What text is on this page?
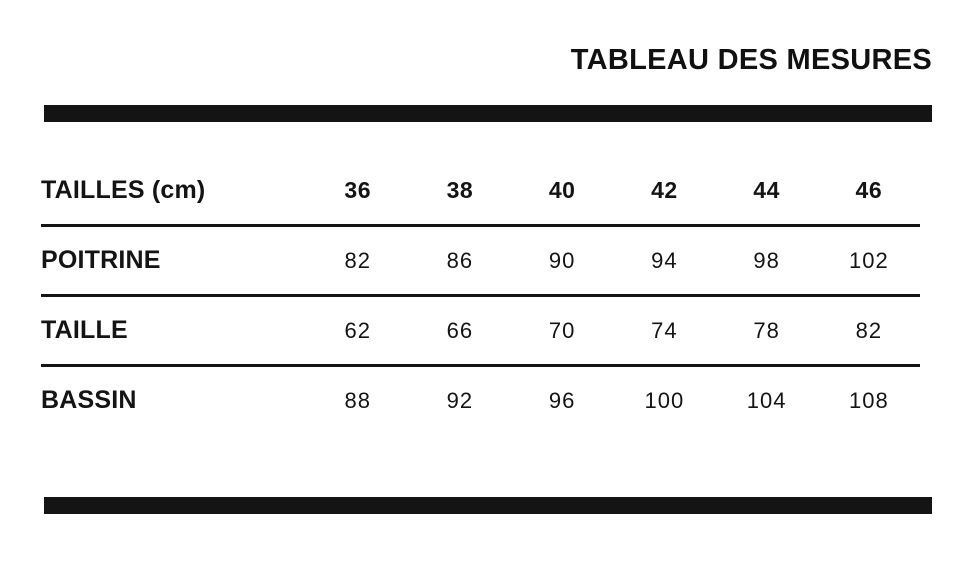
TABLEAU DES MESURES
TAILLES (cm)	36	38	40	42	44	46
POITRINE	82	86	90	94	98	102
TAILLE	62	66	70	74	78	82
BASSIN	88	92	96	100	104	108
